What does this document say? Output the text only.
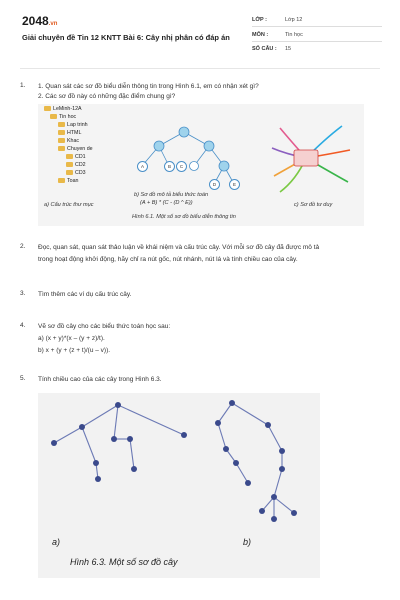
2048.vn
Giải chuyên đề Tin 12 KNTT Bài 6: Cây nhị phân có đáp án
LỚP :	Lớp 12
MÔN :	Tin học
SỐ CÂU : 15
1. 1. Quan sát các sơ đồ biểu diễn thông tin trong Hình 6.1, em có nhận xét gì?
2. Các sơ đồ này có những đặc điểm chung gì?
LeMinh-12A
Tin hoc
Lap trinh
HTML
Khac
Chuyen de
CD1
CD2
CD3
Toan
A	B	C
D	E
a) Cấu trúc thư mục
b) Sơ đồ mô tả biểu thức toán
(A + B) * (C - (D ^ E))	c) Sơ đồ tư duy
Hình 6.1. Một số sơ đồ biểu diễn thông tin
2. Đọc, quan sát, quan sát thảo luận về khái niệm và cấu trúc cây. Với mỗi sơ đồ cây đã được mô tả
trong hoạt động khởi động, hãy chỉ ra nút gốc, nút nhánh, nút lá và tính chiều cao của cây.
3. Tìm thêm các ví dụ cấu trúc cây.
4. Vẽ sơ đồ cây cho các biểu thức toán học sau:
a) (x + y)*(x – (y + z)/t).
b) x + (y + (z + t)/(u – v)).
5. Tính chiều cao của các cây trong Hình 6.3.
a)	b)
Hình 6.3. Một số sơ đồ cây
